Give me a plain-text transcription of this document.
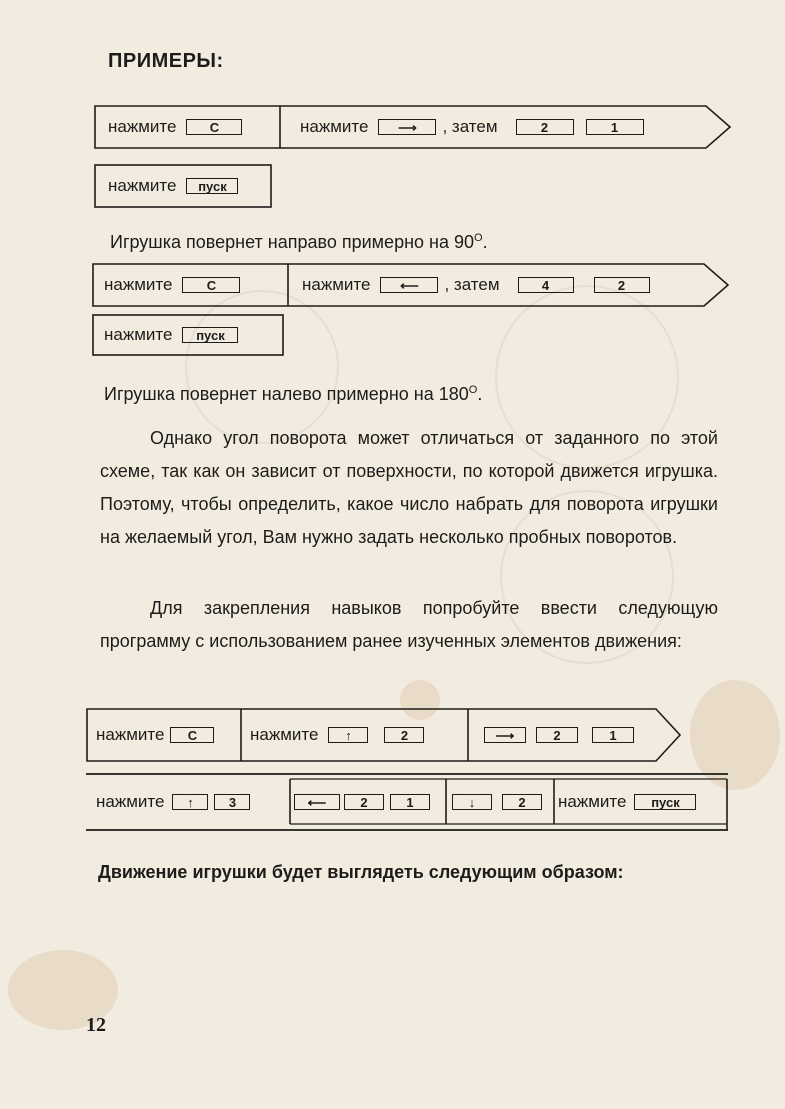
ПРИМЕРЫ:
нажмите	С	нажмите ⟶ , затем	2	1
нажмите	пуск
Игрушка повернет направо примерно на $90^O$.
нажмите	С	нажмите ⟵ , затем	4	2
нажмите	пуск
Игрушка повернет налево примерно на $180^O$.
Однако угол поворота может отличаться от заданного по этой схеме, так как он зависит от поверхности, по которой движется игрушка. Поэтому, чтобы определить, какое число набрать для поворота игрушки на желаемый угол, Вам нужно задать несколько пробных поворотов.
Для закрепления навыков попробуйте ввести следующую программу с использованием ранее изученных элементов движения:
нажмите	С	нажмите ↑	2	⟶	2	1
нажмите ↑	3	⟵	2	1	↓	2	нажмите	пуск
Движение игрушки будет выглядеть следующим образом:
12
